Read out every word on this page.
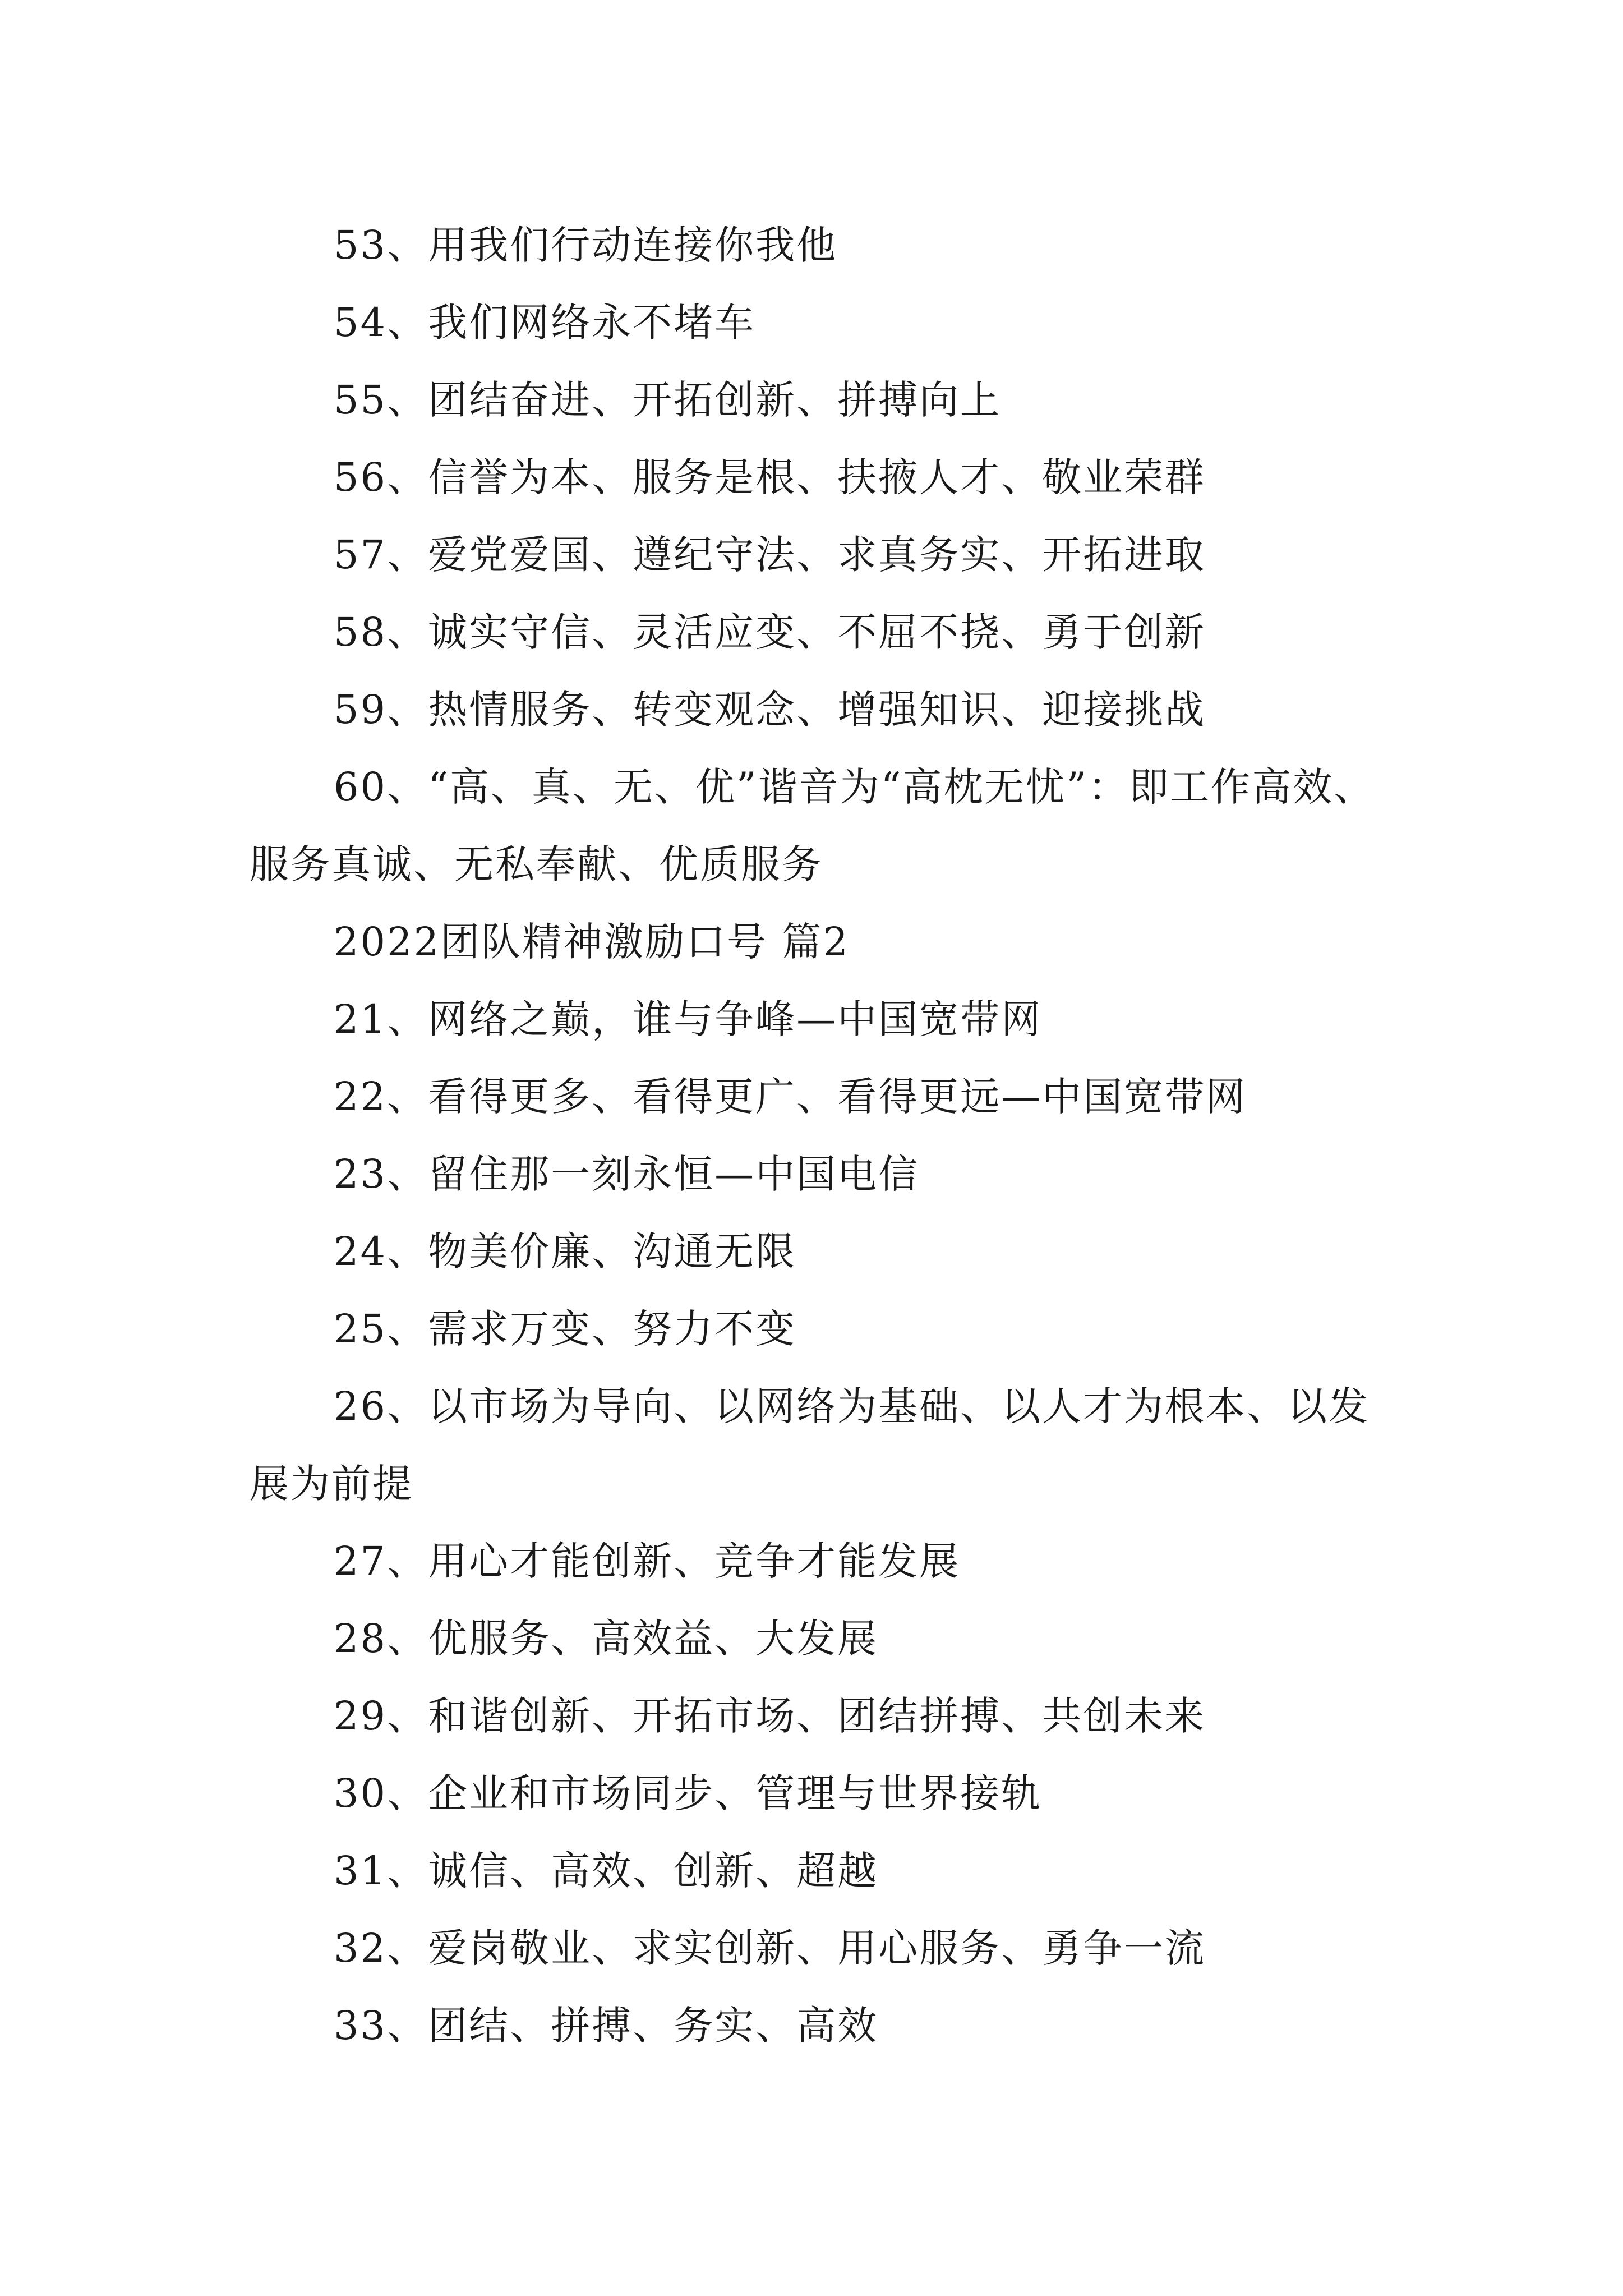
53、用我们行动连接你我他

54、我们网络永不堵车

55、团结奋进、开拓创新、拼搏向上

56、信誉为本、服务是根、扶掖人才、敬业荣群

57、爱党爱国、遵纪守法、求真务实、开拓进取

58、诚实守信、灵活应变、不屈不挠、勇于创新

59、热情服务、转变观念、增强知识、迎接挑战

60、“高、真、无、优”谐音为“高枕无忧”：即工作高效、服务真诚、无私奉献、优质服务

2022团队精神激励口号 篇2

21、网络之巅，谁与争峰—中国宽带网

22、看得更多、看得更广、看得更远—中国宽带网

23、留住那一刻永恒—中国电信

24、物美价廉、沟通无限

25、需求万变、努力不变

26、以市场为导向、以网络为基础、以人才为根本、以发展为前提

27、用心才能创新、竞争才能发展

28、优服务、高效益、大发展

29、和谐创新、开拓市场、团结拼搏、共创未来

30、企业和市场同步、管理与世界接轨

31、诚信、高效、创新、超越

32、爱岗敬业、求实创新、用心服务、勇争一流

33、团结、拼搏、务实、高效
